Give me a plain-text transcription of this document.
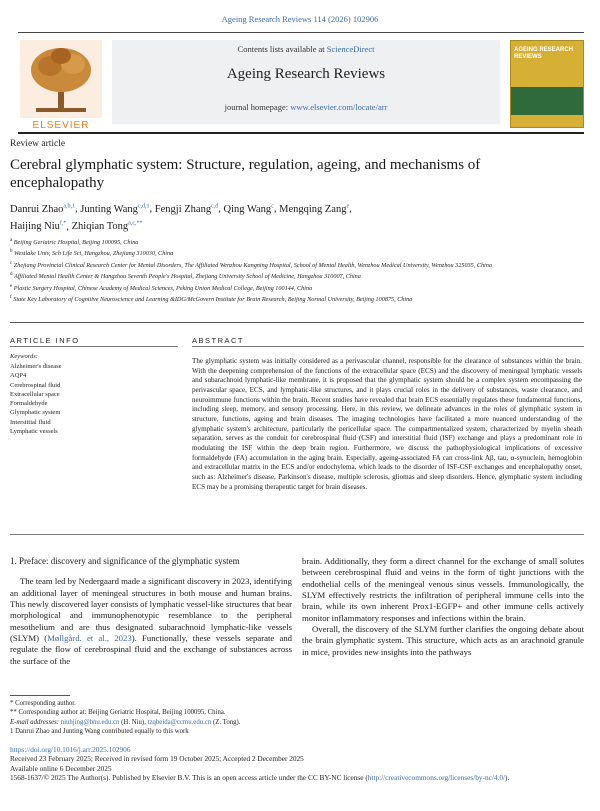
Ageing Research Reviews 114 (2026) 102906
ELSEVIER
Contents lists available at ScienceDirect
Ageing Research Reviews
journal homepage: www.elsevier.com/locate/arr
AGEING RESEARCH REVIEWS
Review article
Cerebral glymphatic system: Structure, regulation, ageing, and mechanisms of encephalopathy
Danrui Zhao$^{a,b,1}$, Junting Wang$^{c,d,1}$, Fengji Zhang$^{c,d}$, Qing Wang$^c$, Mengqing Zang$^e$,
Haijing Niu$^{f,*}$, Zhiqian Tong$^{a,c,**}$
$^a$ Beijing Geriatric Hospital, Beijing 100095, China
$^b$ Westlake Univ, Sch Life Sci, Hangzhou, Zhejiang 310030, China
$^c$ Zhejiang Provincial Clinical Research Center for Mental Disorders, The Affiliated Wenzhou Kangning Hospital, School of Mental Health, Wenzhou Medical University, Wenzhou 325035, China
$^d$ Affiliated Mental Health Center & Hangzhou Seventh People's Hospital, Zhejiang University School of Medicine, Hangzhou 310007, China
$^e$ Plastic Surgery Hospital, Chinese Academy of Medical Sciences, Peking Union Medical College, Beijing 100144, China
$^f$ State Key Laboratory of Cognitive Neuroscience and Learning &IDG/McGovern Institute for Brain Research, Beijing Normal University, Beijing 100875, China
ARTICLE INFO	ABSTRACT
Keywords:
Alzheimer's disease
AQP4
Cerebrospinal fluid
Extracellular space
Formaldehyde
Glymphatic system
Interstitial fluid
Lymphatic vessels
The glymphatic system was initially considered as a perivascular channel, responsible for the clearance of substances within the brain. With the deepening comprehension of the functions of the extracellular space (ECS) and the discovery of meningeal lymphatic vessels and subarachnoid lymphatic-like membrane, it is proposed that the glymphatic system should be a complex system encompassing the perivascular space, ECS, and lymphatic-like structures, and it plays crucial roles in the delivery of substances, waste clearance, and neuroimmune functions within the brain. Recent studies have revealed that brain ECS essentially regulates these fundamental functions, including sleep, memory, and sensory processing. Here, in this review, we delineate advances in the roles of glymphatic system in structure, functions, ageing and brain diseases. The imaging technologies have facilitated a more nuanced understanding of the glymphatic system's architecture, particularly the pericellular space. The compartmentalized system, characterized by myelin sheath separation, serves as the conduit for cerebrospinal fluid (CSF) and interstitial fluid (ISF) exchange and plays a predominant role in modulating the ISF within the deep brain region. Furthermore, we discuss the pathophysiological implications of excessive formaldehyde (FA) accumulation in the aging brain. Especially, ageing-associated FA can cross-link Aβ, tau, α-synuclein, hemoglobin and extracellular matrix in the ECS and/or endochylema, which leads to the disorder of ISF-CSF exchanges and encephalopathy onset, such as: Alzheimer's disease, Parkinson's disease, multiple sclerosis, gliomas and sleep disorders. Hence, glymphatic system including ECS may be a promising therapeutic target for brain diseases.
1. Preface: discovery and significance of the glymphatic system

The team led by Nedergaard made a significant discovery in 2023, identifying an additional layer of meningeal structures in both mouse and human brains. This newly discovered layer consists of lymphatic vessel-like structures that bear morphological and immunophenotypic resemblance to the peripheral mesothelium and are thus designated subarachnoid lymphatic-like vessels (SLYM) (Møllgård. et al., 2023). Functionally, these vessels separate and regulate the flow of cerebrospinal fluid and the exchange of substances across the surface of the

brain. Additionally, they form a direct channel for the exchange of small solutes between cerebrospinal fluid and veins in the form of tight junctions with the endothelial cells of the meningeal venous sinus vessels. Immunologically, the SLYM effectively restricts the infiltration of peripheral immune cells into the brain, while its own inherent Prox1-EGFP+ and other immune cells actively monitor inflammatory responses and infections within the brain.

Overall, the discovery of the SLYM further clarifies the ongoing debate about the brain glymphatic system. This structure, which acts as an arachnoid granule in mice, provides new insights into the pathways

* Corresponding author.
** Corresponding author at: Beijing Geriatric Hospital, Beijing 100095, China.
E-mail addresses: niuhjing@bnu.edu.cn (H. Niu), tzqbeida@ccmu.edu.cn (Z. Tong).
1 Danrui Zhao and Junting Wang contributed equally to this work
https://doi.org/10.1016/j.arr.2025.102906
Received 23 February 2025; Received in revised form 19 October 2025; Accepted 2 December 2025
Available online 6 December 2025
1568-1637/© 2025 The Author(s). Published by Elsevier B.V. This is an open access article under the CC BY-NC license (http://creativecommons.org/licenses/by-nc/4.0/).
